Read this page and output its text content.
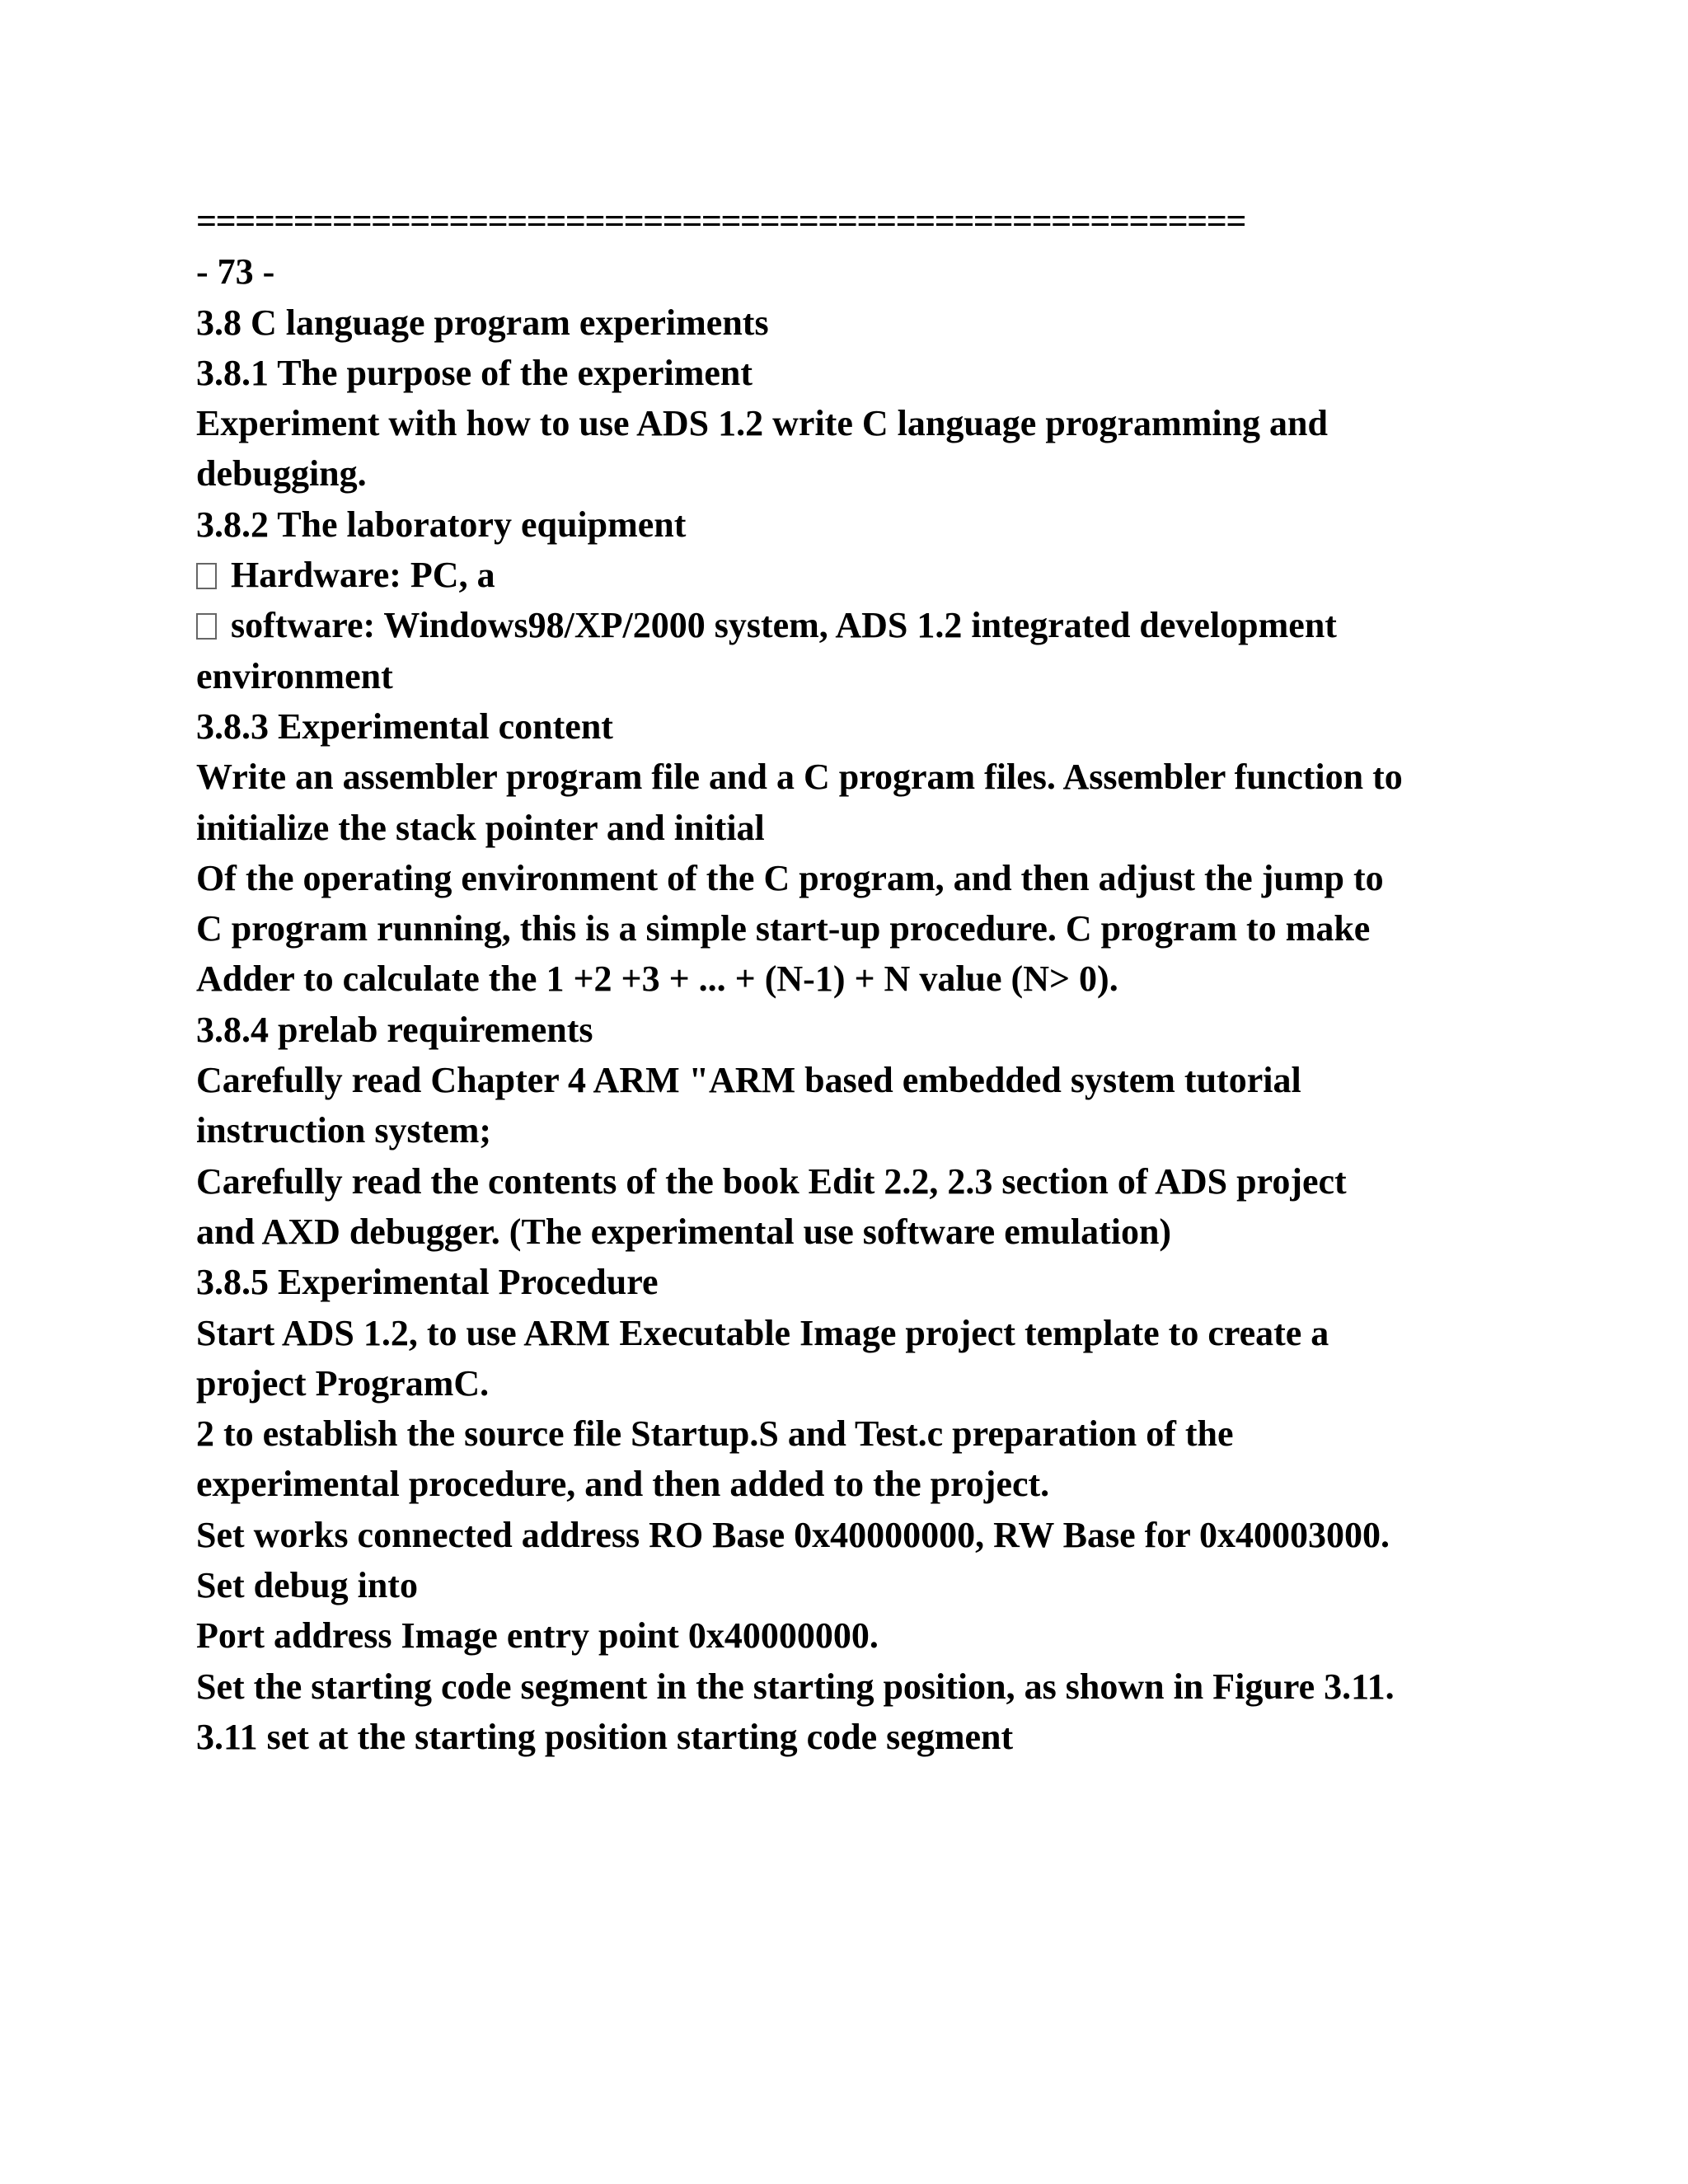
======================================================
- 73 -
3.8 C language program experiments
3.8.1 The purpose of the experiment
Experiment with how to use ADS 1.2 write C language programming and
debugging.
3.8.2 The laboratory equipment
Hardware: PC, a
software: Windows98/XP/2000 system, ADS 1.2 integrated development
environment
3.8.3 Experimental content
Write an assembler program file and a C program files. Assembler function to
initialize the stack pointer and initial
Of the operating environment of the C program, and then adjust the jump to
C program running, this is a simple start-up procedure. C program to make
Adder to calculate the 1 +2 +3 + ... + (N-1) + N value (N> 0).
3.8.4 prelab requirements
Carefully read Chapter 4 ARM "ARM based embedded system tutorial
instruction system;
Carefully read the contents of the book Edit 2.2, 2.3 section of ADS project
and AXD debugger. (The experimental use software emulation)
3.8.5 Experimental Procedure
Start ADS 1.2, to use ARM Executable Image project template to create a
project ProgramC.
2 to establish the source file Startup.S and Test.c preparation of the
experimental procedure, and then added to the project.
Set works connected address RO Base 0x40000000, RW Base for 0x40003000.
Set debug into
Port address Image entry point 0x40000000.
Set the starting code segment in the starting position, as shown in Figure 3.11.
3.11 set at the starting position starting code segment
